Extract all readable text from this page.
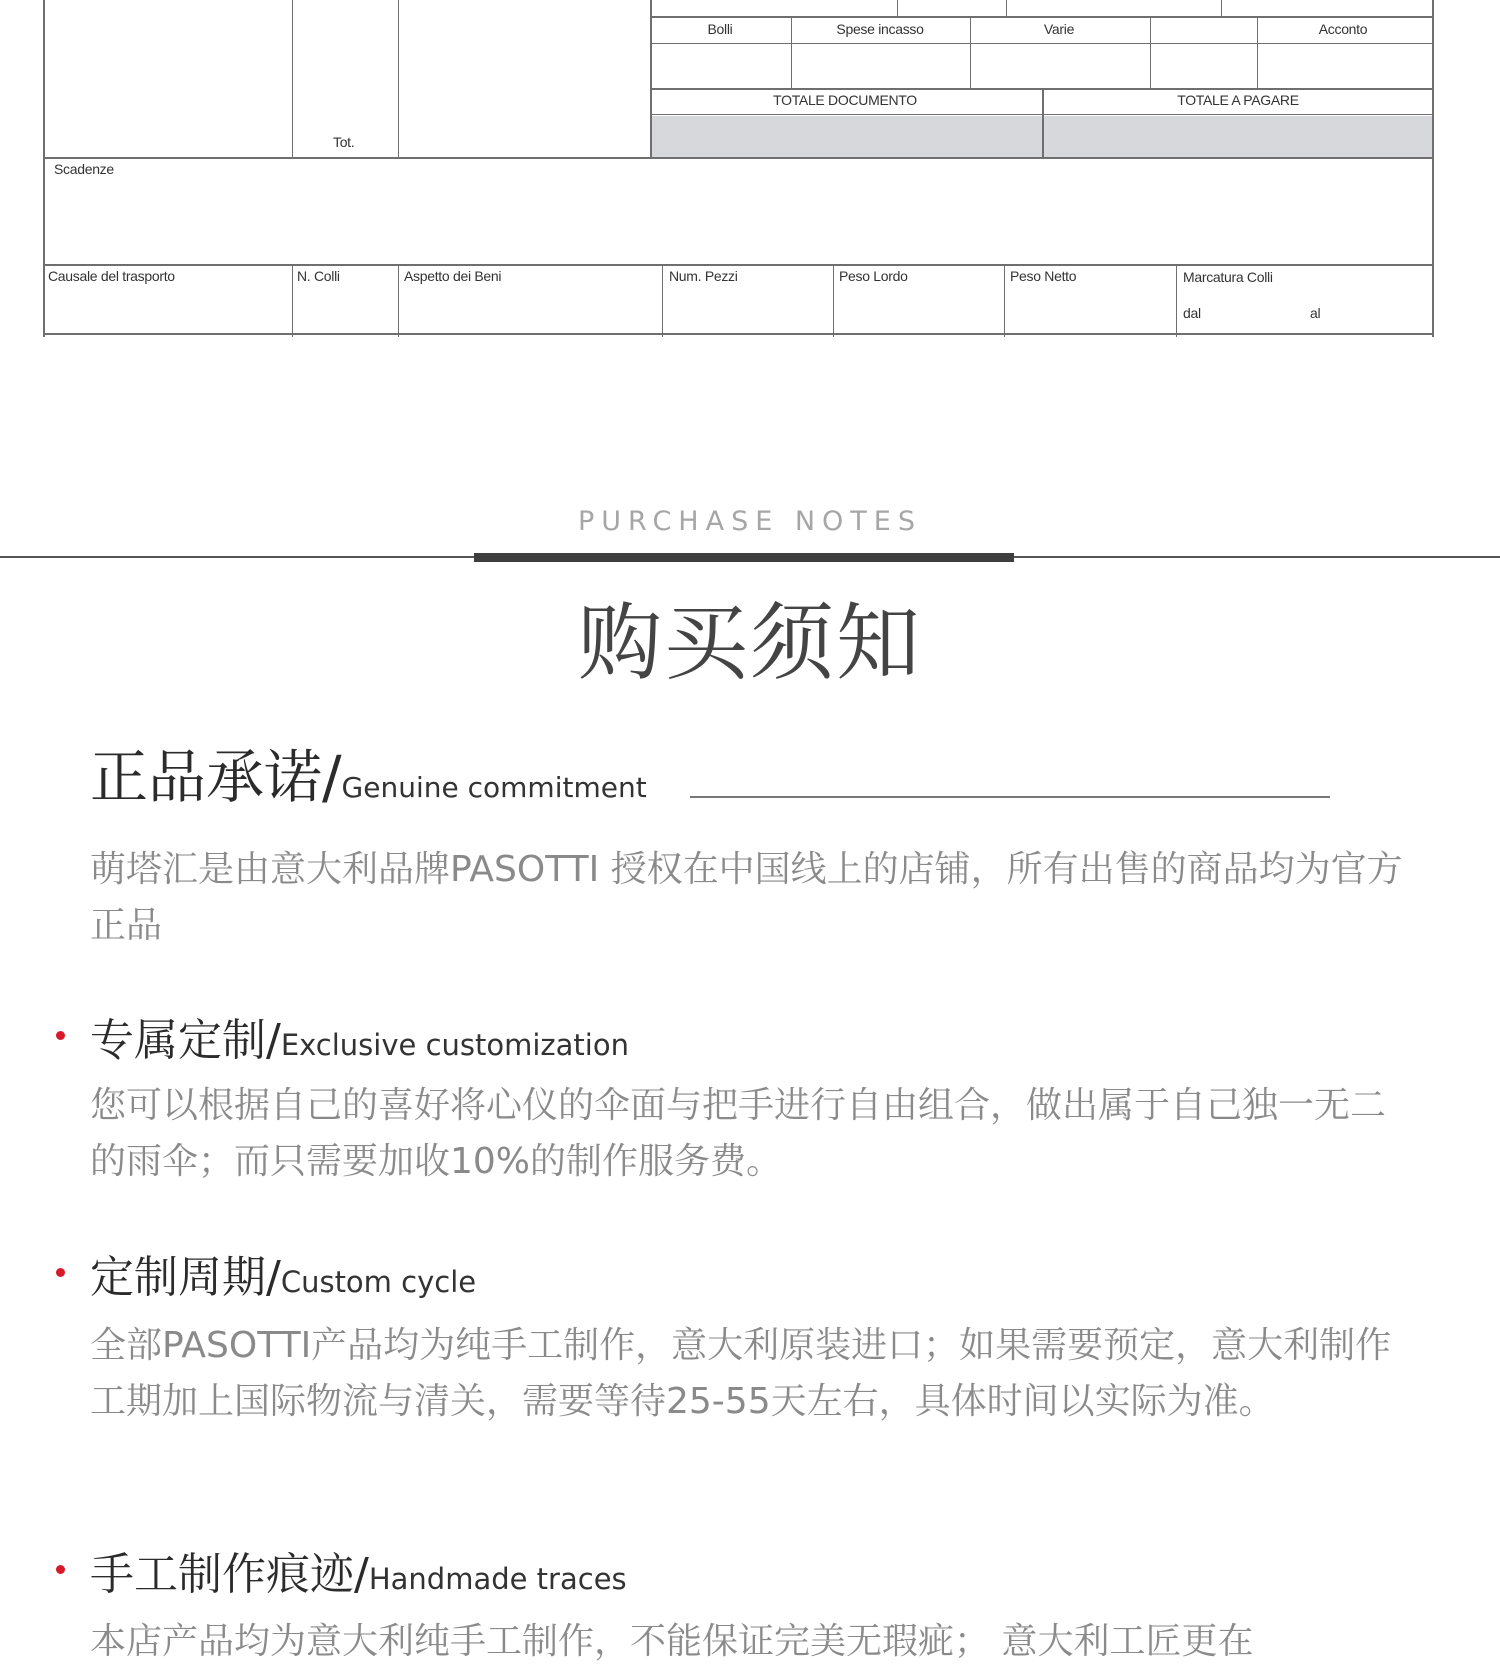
Tot.
Bolli	Spese incasso	Varie	Acconto
TOTALE DOCUMENTO	TOTALE A PAGARE
Scadenze
Causale del trasporto	N. Colli	Aspetto dei Beni	Num. Pezzi	Peso Lordo	Peso Netto	Marcatura Colli
dal	al
PURCHASE NOTES
购买须知
正品承诺/Genuine commitment
萌塔汇是由意大利品牌PASOTTI 授权在中国线上的店铺，所有出售的商品均为官方正品
专属定制/Exclusive customization
您可以根据自己的喜好将心仪的伞面与把手进行自由组合，做出属于自己独一无二的雨伞；而只需要加收10%的制作服务费。
定制周期/Custom cycle
全部PASOTTI产品均为纯手工制作，意大利原装进口；如果需要预定，意大利制作工期加上国际物流与清关，需要等待25-55天左右，具体时间以实际为准。
手工制作痕迹/Handmade traces
本店产品均为意大利纯手工制作，不能保证完美无瑕疵； 意大利工匠更在
